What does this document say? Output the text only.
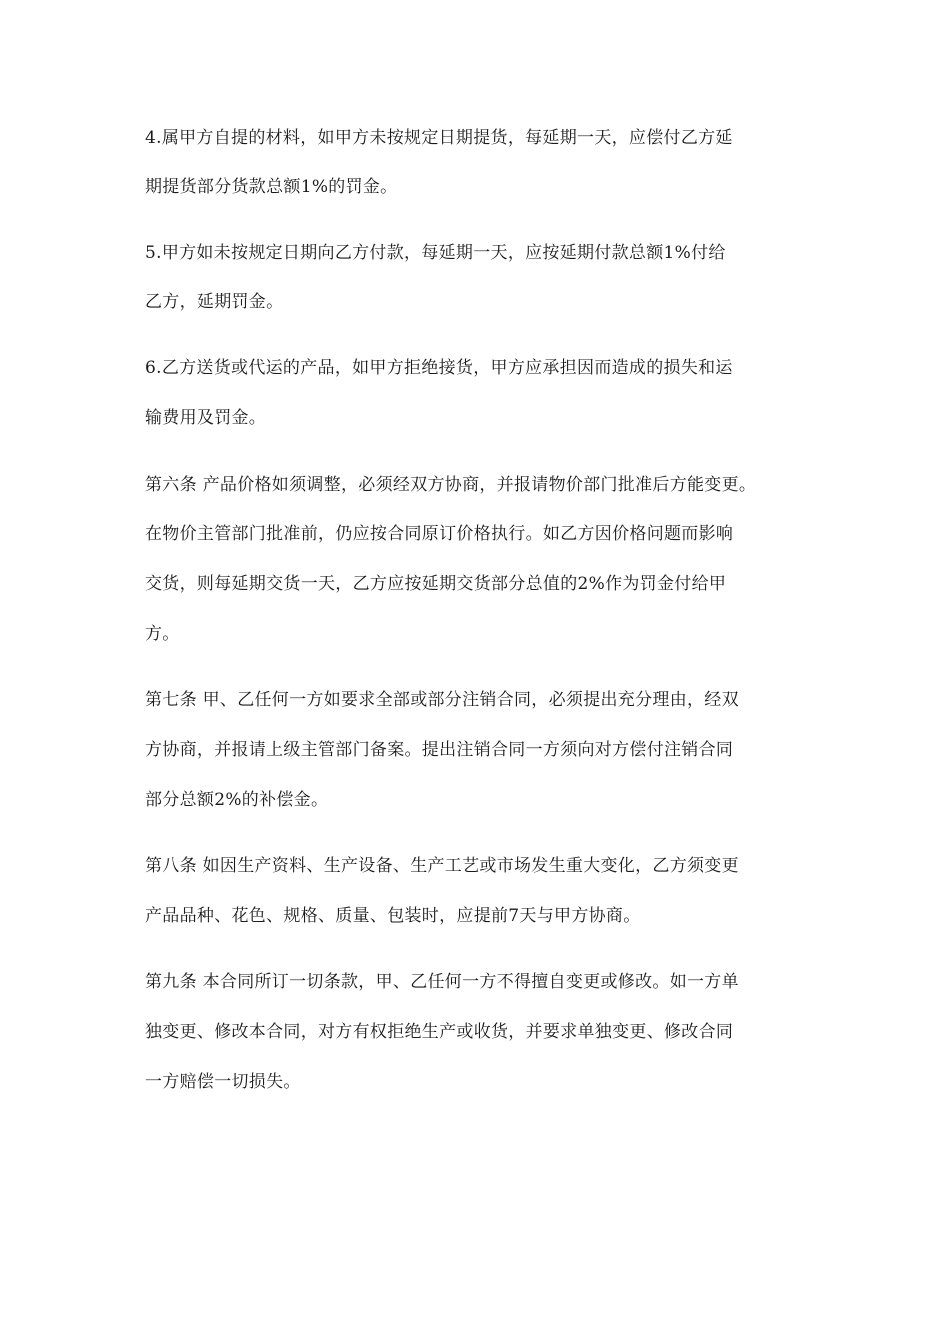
4.属甲方自提的材料，如甲方未按规定日期提货，每延期一天，应偿付乙方延
期提货部分货款总额1%的罚金。
5.甲方如未按规定日期向乙方付款，每延期一天，应按延期付款总额1%付给
乙方，延期罚金。
6.乙方送货或代运的产品，如甲方拒绝接货，甲方应承担因而造成的损失和运
输费用及罚金。
第六条 产品价格如须调整，必须经双方协商，并报请物价部门批准后方能变更。
在物价主管部门批准前，仍应按合同原订价格执行。如乙方因价格问题而影响
交货，则每延期交货一天，乙方应按延期交货部分总值的2%作为罚金付给甲
方。
第七条 甲、乙任何一方如要求全部或部分注销合同，必须提出充分理由，经双
方协商，并报请上级主管部门备案。提出注销合同一方须向对方偿付注销合同
部分总额2%的补偿金。
第八条 如因生产资料、生产设备、生产工艺或市场发生重大变化，乙方须变更
产品品种、花色、规格、质量、包装时，应提前7天与甲方协商。
第九条 本合同所订一切条款，甲、乙任何一方不得擅自变更或修改。如一方单
独变更、修改本合同，对方有权拒绝生产或收货，并要求单独变更、修改合同
一方赔偿一切损失。
